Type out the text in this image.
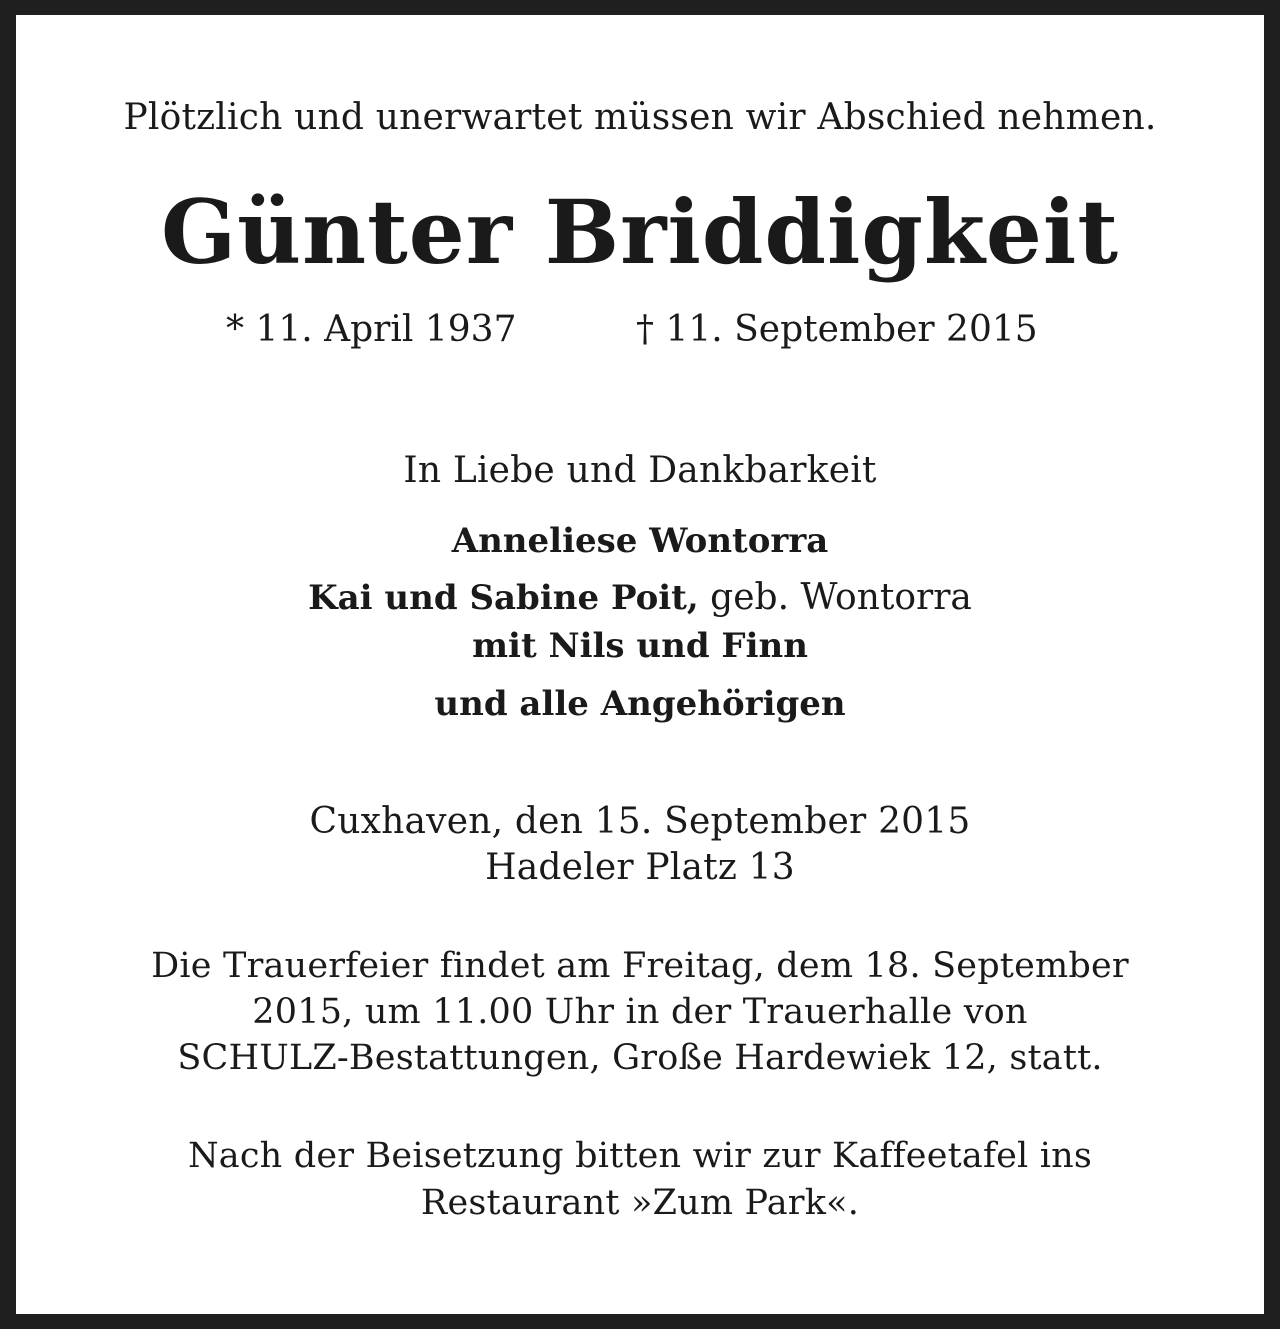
Plötzlich und unerwartet müssen wir Abschied nehmen.
Günter Briddigkeit
* 11. April 1937	† 11. September 2015
In Liebe und Dankbarkeit
Anneliese Wontorra
Kai und Sabine Poit, geb. Wontorra
mit Nils und Finn
und alle Angehörigen
Cuxhaven, den 15. September 2015
Hadeler Platz 13
Die Trauerfeier findet am Freitag, dem 18. September
2015, um 11.00 Uhr in der Trauerhalle von
SCHULZ-Bestattungen, Große Hardewiek 12, statt.
Nach der Beisetzung bitten wir zur Kaffeetafel ins
Restaurant »Zum Park«.
